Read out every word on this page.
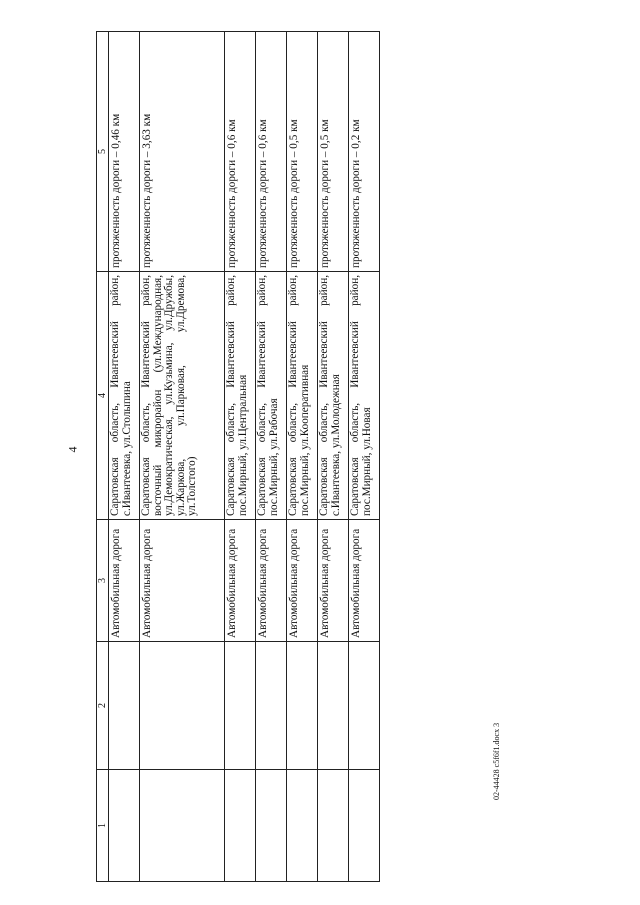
4
02-44428 c5f6f1.docx 3
1	2	3	4	5
		Автомобильная дорога	Саратовская область, Ивантеевский район, с.Ивантеевка, ул.Столыпина	протяженность дороги – 0,46 км
		Автомобильная дорога	Саратовская область, Ивантеевский район, восточный микрорайон (ул.Международная, ул.Демократическая, ул.Кузьмина, ул.Дружбы, ул.Жаркова, ул.Парковая, ул.Дремова, ул.Толстого)	протяженность дороги – 3,63 км
		Автомобильная дорога	Саратовская область, Ивантеевский район, пос.Мирный, ул.Центральная	протяженность дороги – 0,6 км
		Автомобильная дорога	Саратовская область, Ивантеевский район, пос.Мирный, ул.Рабочая	протяженность дороги – 0,6 км
		Автомобильная дорога	Саратовская область, Ивантеевский район, пос.Мирный, ул.Кооперативная	протяженность дороги – 0,5 км
		Автомобильная дорога	Саратовская область, Ивантеевский район, с.Ивантеевка, ул.Молодежная	протяженность дороги – 0,5 км
		Автомобильная дорога	Саратовская область, Ивантеевский район, пос.Мирный, ул.Новая	протяженность дороги – 0,2 км
